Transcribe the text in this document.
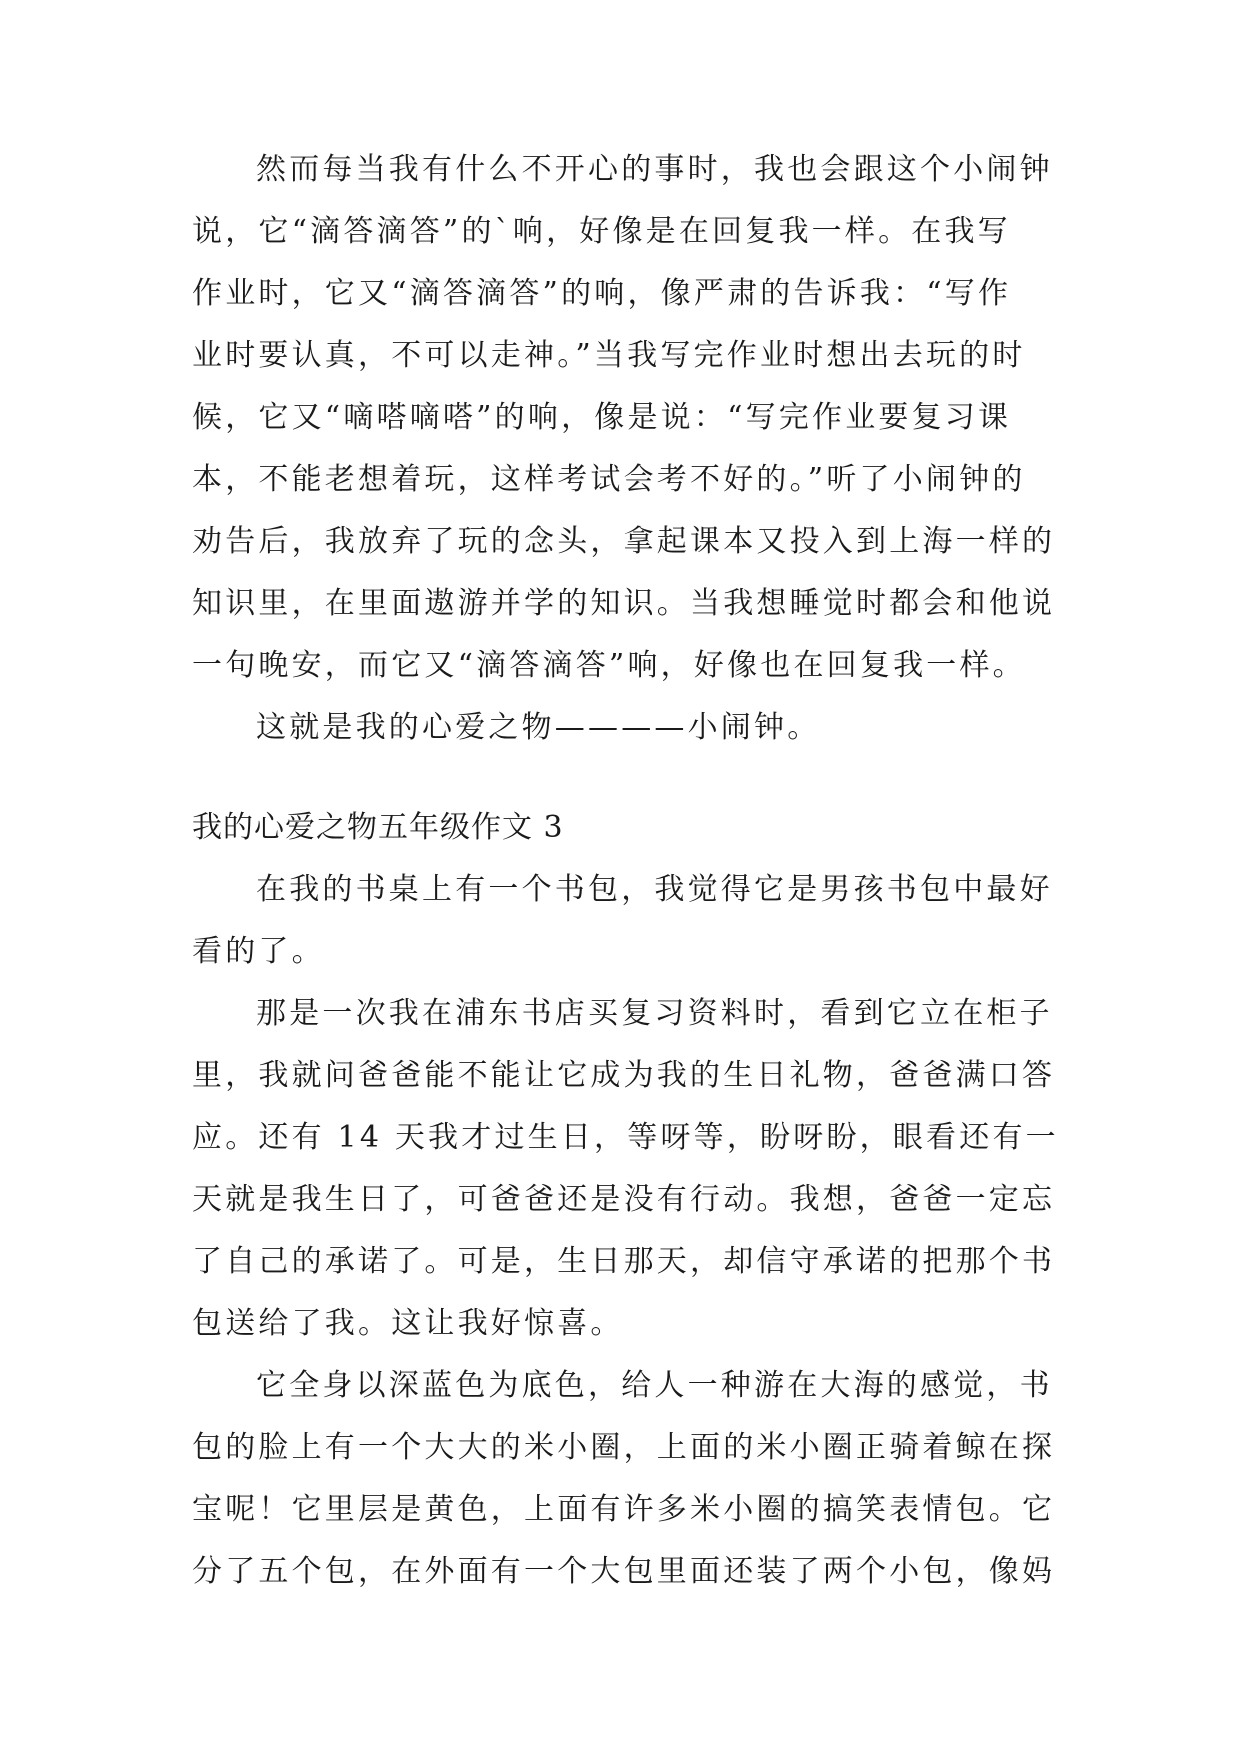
然而每当我有什么不开心的事时，我也会跟这个小闹钟
说，它“滴答滴答”的`响，好像是在回复我一样。在我写
作业时，它又“滴答滴答”的响，像严肃的告诉我：“写作
业时要认真，不可以走神。”当我写完作业时想出去玩的时
候，它又“嘀嗒嘀嗒”的响，像是说：“写完作业要复习课
本，不能老想着玩，这样考试会考不好的。”听了小闹钟的
劝告后，我放弃了玩的念头，拿起课本又投入到上海一样的
知识里，在里面遨游并学的知识。当我想睡觉时都会和他说
一句晚安，而它又“滴答滴答”响，好像也在回复我一样。
这就是我的心爱之物————小闹钟。
我的心爱之物五年级作文 3
在我的书桌上有一个书包，我觉得它是男孩书包中最好
看的了。
那是一次我在浦东书店买复习资料时，看到它立在柜子
里，我就问爸爸能不能让它成为我的生日礼物，爸爸满口答
应。还有 14 天我才过生日，等呀等，盼呀盼，眼看还有一
天就是我生日了，可爸爸还是没有行动。我想，爸爸一定忘
了自己的承诺了。可是，生日那天，却信守承诺的把那个书
包送给了我。这让我好惊喜。
它全身以深蓝色为底色，给人一种游在大海的感觉，书
包的脸上有一个大大的米小圈，上面的米小圈正骑着鲸在探
宝呢！它里层是黄色，上面有许多米小圈的搞笑表情包。它
分了五个包，在外面有一个大包里面还装了两个小包，像妈
